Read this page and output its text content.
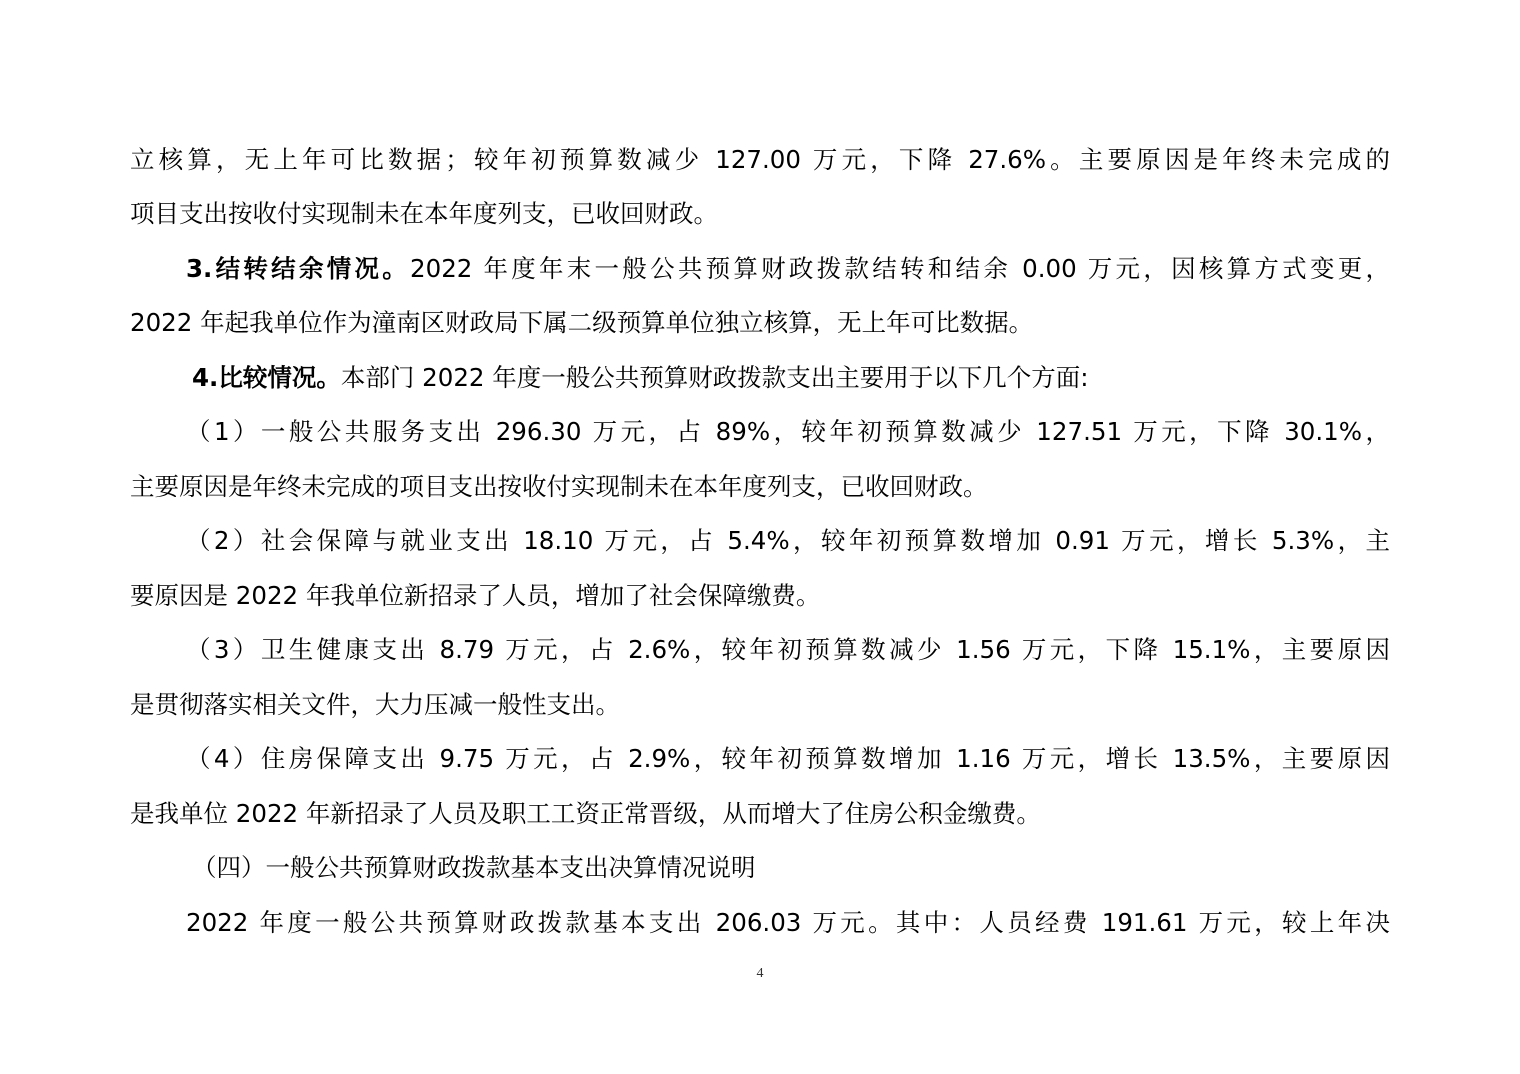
立核算，无上年可比数据；较年初预算数减少 127.00 万元，下降 27.6%。主要原因是年终未完成的
项目支出按收付实现制未在本年度列支，已收回财政。
3.结转结余情况。2022 年度年末一般公共预算财政拨款结转和结余 0.00 万元，因核算方式变更，
2022 年起我单位作为潼南区财政局下属二级预算单位独立核算，无上年可比数据。
4.比较情况。本部门 2022 年度一般公共预算财政拨款支出主要用于以下几个方面:
（1）一般公共服务支出 296.30 万元，占 89%，较年初预算数减少 127.51 万元，下降 30.1%，
主要原因是年终未完成的项目支出按收付实现制未在本年度列支，已收回财政。
（2）社会保障与就业支出 18.10 万元，占 5.4%，较年初预算数增加 0.91 万元，增长 5.3%，主
要原因是 2022 年我单位新招录了人员，增加了社会保障缴费。
（3）卫生健康支出 8.79 万元，占 2.6%，较年初预算数减少 1.56 万元，下降 15.1%，主要原因
是贯彻落实相关文件，大力压减一般性支出。
（4）住房保障支出 9.75 万元，占 2.9%，较年初预算数增加 1.16 万元，增长 13.5%，主要原因
是我单位 2022 年新招录了人员及职工工资正常晋级，从而增大了住房公积金缴费。
（四）一般公共预算财政拨款基本支出决算情况说明
2022 年度一般公共预算财政拨款基本支出 206.03 万元。其中：人员经费 191.61 万元，较上年决
4
